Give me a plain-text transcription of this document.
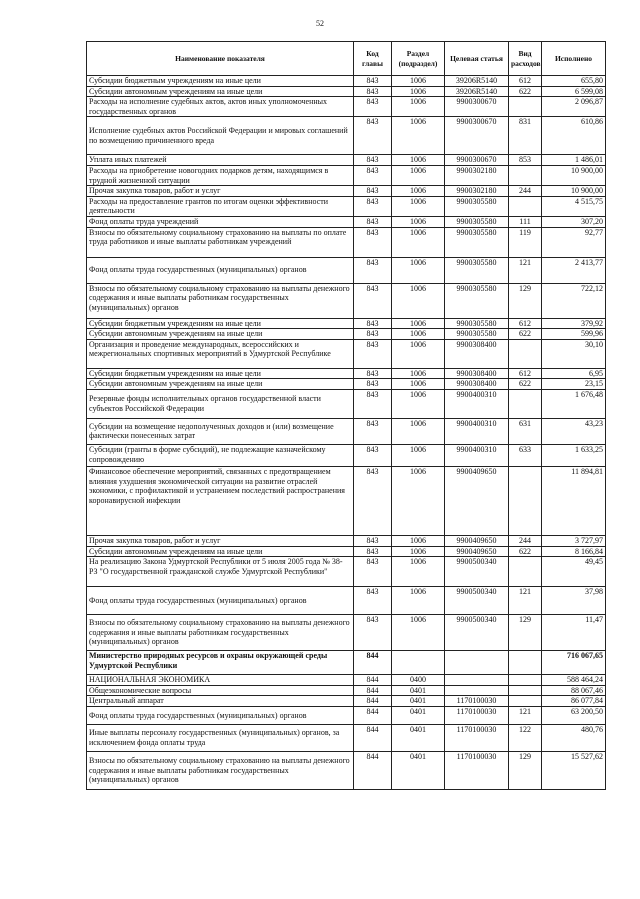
52
Наименование показателя	Код главы	Раздел (подраздел)	Целевая статья	Вид расходов	Исполнено
Субсидии бюджетным учреждениям на иные цели	843	1006	39206R5140	612	655,80
Субсидии автономным учреждениям на иные цели	843	1006	39206R5140	622	6 599,08
Расходы на исполнение судебных актов, актов иных уполномоченных государственных органов	843	1006	9900300670		2 096,87
Исполнение судебных актов Российской Федерации и мировых соглашений по возмещению причиненного вреда	843	1006	9900300670	831	610,86
Уплата иных платежей	843	1006	9900300670	853	1 486,01
Расходы на приобретение новогодних подарков детям, находящимся в трудной жизненной ситуации	843	1006	9900302180		10 900,00
Прочая закупка товаров, работ и услуг	843	1006	9900302180	244	10 900,00
Расходы на предоставление грантов по итогам оценки эффективности деятельности	843	1006	9900305580		4 515,75
Фонд оплаты труда учреждений	843	1006	9900305580	111	307,20
Взносы по обязательному социальному страхованию на выплаты по оплате труда работников и иные выплаты работникам учреждений	843	1006	9900305580	119	92,77
Фонд оплаты труда государственных (муниципальных) органов	843	1006	9900305580	121	2 413,77
Взносы по обязательному социальному страхованию на выплаты денежного содержания и иные выплаты работникам государственных (муниципальных) органов	843	1006	9900305580	129	722,12
Субсидии бюджетным учреждениям на иные цели	843	1006	9900305580	612	379,92
Субсидии автономным учреждениям на иные цели	843	1006	9900305580	622	599,96
Организация и проведение международных, всероссийских и межрегиональных спортивных мероприятий в Удмуртской Республике	843	1006	9900308400		30,10
Субсидии бюджетным учреждениям на иные цели	843	1006	9900308400	612	6,95
Субсидии автономным учреждениям на иные цели	843	1006	9900308400	622	23,15
Резервные фонды исполнительных органов государственной власти субъектов Российской Федерации	843	1006	9900400310		1 676,48
Субсидии на возмещение недополученных доходов и (или) возмещение фактически понесенных затрат	843	1006	9900400310	631	43,23
Субсидии (гранты в форме субсидий), не подлежащие казначейскому сопровождению	843	1006	9900400310	633	1 633,25
Финансовое обеспечение мероприятий, связанных с предотвращением влияния ухудшения экономической ситуации на развитие отраслей экономики, с профилактикой и устранением последствий распространения коронавирусной инфекции	843	1006	9900409650		11 894,81
Прочая закупка товаров, работ и услуг	843	1006	9900409650	244	3 727,97
Субсидии автономным учреждениям на иные цели	843	1006	9900409650	622	8 166,84
На реализацию Закона Удмуртской Республики от 5 июля 2005 года № 38-РЗ "О государственной гражданской службе Удмуртской Республики"	843	1006	9900500340		49,45
Фонд оплаты труда государственных (муниципальных) органов	843	1006	9900500340	121	37,98
Взносы по обязательному социальному страхованию на выплаты денежного содержания и иные выплаты работникам государственных (муниципальных) органов	843	1006	9900500340	129	11,47
Министерство природных ресурсов и охраны окружающей среды Удмуртской Республики	844				716 067,65
НАЦИОНАЛЬНАЯ ЭКОНОМИКА	844	0400			588 464,24
Общеэкономические вопросы	844	0401			88 067,46
Центральный аппарат	844	0401	1170100030		86 077,84
Фонд оплаты труда государственных (муниципальных) органов	844	0401	1170100030	121	63 200,50
Иные выплаты персоналу государственных (муниципальных) органов, за исключением фонда оплаты труда	844	0401	1170100030	122	480,76
Взносы по обязательному социальному страхованию на выплаты денежного содержания и иные выплаты работникам государственных (муниципальных) органов	844	0401	1170100030	129	15 527,62
